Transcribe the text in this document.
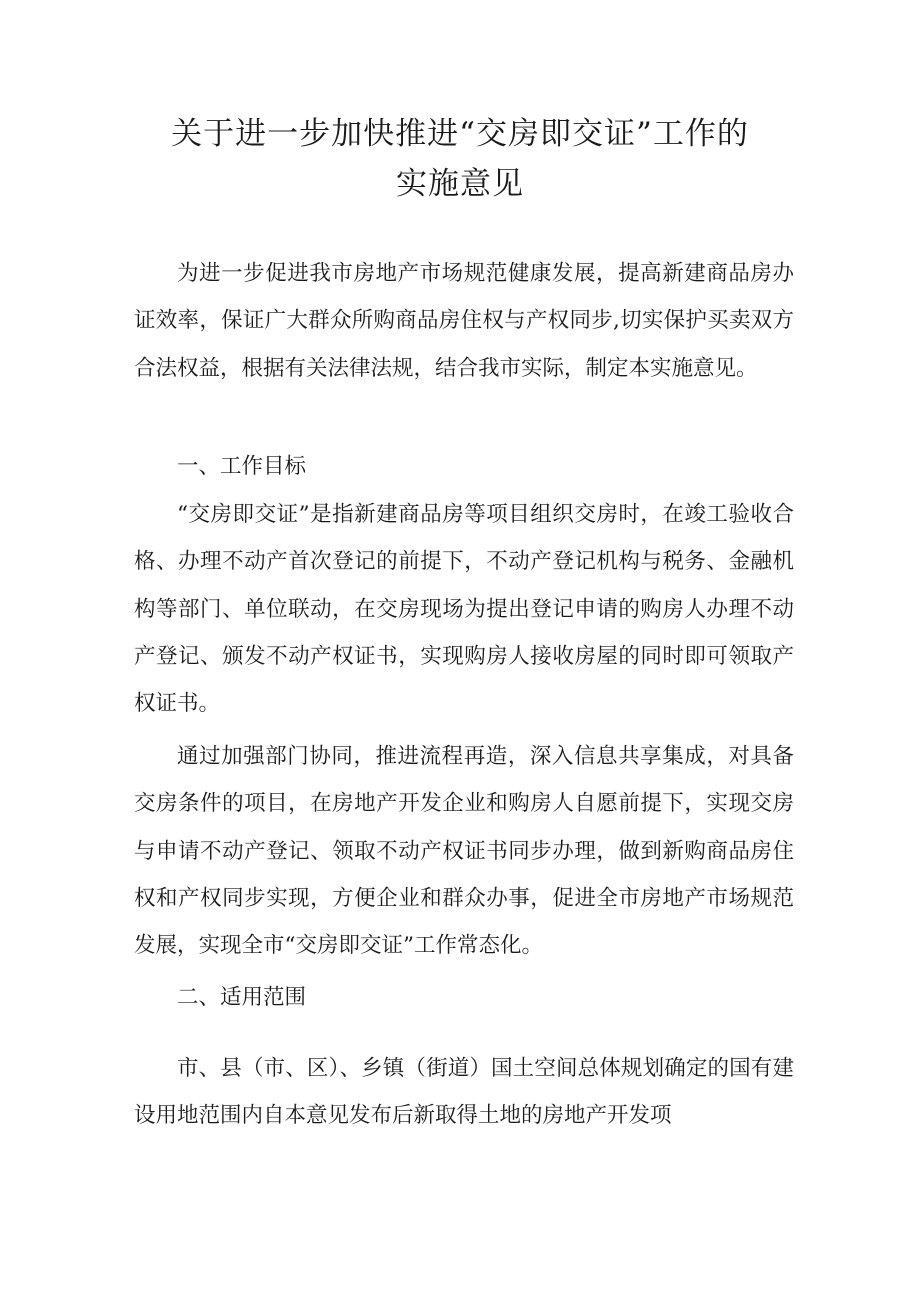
关于进一步加快推进“交房即交证”工作的
实施意见

为进一步促进我市房地产市场规范健康发展，提高新建商品房办证效率，保证广大群众所购商品房住权与产权同步,切实保护买卖双方合法权益，根据有关法律法规，结合我市实际，制定本实施意见。

一、工作目标

“交房即交证”是指新建商品房等项目组织交房时，在竣工验收合格、办理不动产首次登记的前提下，不动产登记机构与税务、金融机构等部门、单位联动，在交房现场为提出登记申请的购房人办理不动产登记、颁发不动产权证书，实现购房人接收房屋的同时即可领取产权证书。

通过加强部门协同，推进流程再造，深入信息共享集成，对具备交房条件的项目，在房地产开发企业和购房人自愿前提下，实现交房与申请不动产登记、领取不动产权证书同步办理，做到新购商品房住权和产权同步实现，方便企业和群众办事，促进全市房地产市场规范发展，实现全市“交房即交证”工作常态化。

二、适用范围

市、县（市、区）、乡镇（街道）国土空间总体规划确定的国有建设用地范围内自本意见发布后新取得土地的房地产开发项
